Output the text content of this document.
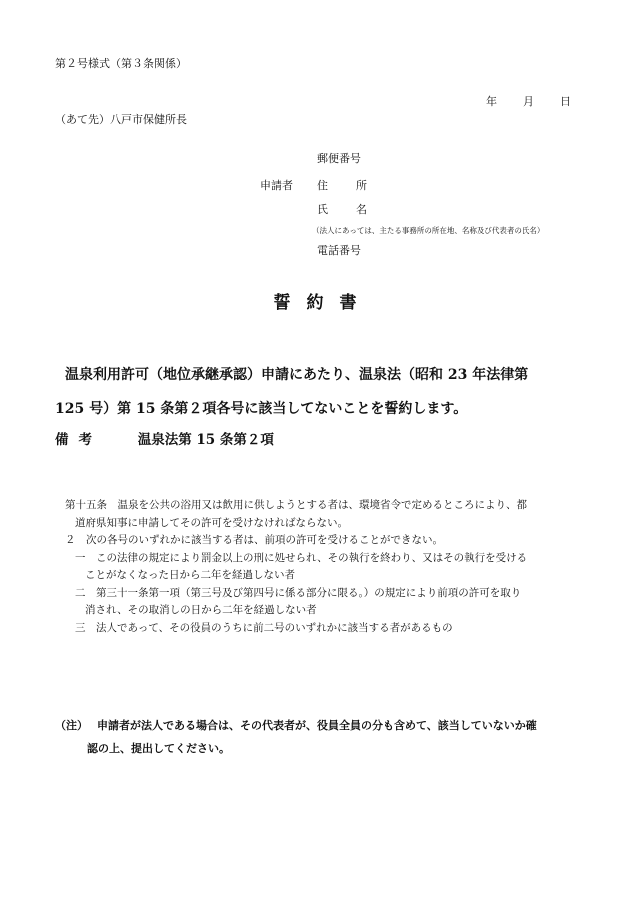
第２号様式（第３条関係）
年 月 日
（あて先）八戸市保健所長
郵便番号
申請者 住	所
氏	名
（法人にあっては、主たる事務所の所在地、名称及び代表者の氏名）
電話番号
誓約書
温泉利用許可（地位承継承認）申請にあたり、温泉法（昭和 23 年法律第
125 号）第 15 条第２項各号に該当してないことを誓約します。
備考	温泉法第 15 条第２項
第十五条　温泉を公共の浴用又は飲用に供しようとする者は、環境省令で定めるところにより、都
道府県知事に申請してその許可を受けなければならない。
２　次の各号のいずれかに該当する者は、前項の許可を受けることができない。
一　この法律の規定により罰金以上の刑に処せられ、その執行を終わり、又はその執行を受ける
ことがなくなった日から二年を経過しない者
二　第三十一条第一項（第三号及び第四号に係る部分に限る。）の規定により前項の許可を取り
消され、その取消しの日から二年を経過しない者
三　法人であって、その役員のうちに前二号のいずれかに該当する者があるもの
（注） 申請者が法人である場合は、その代表者が、役員全員の分も含めて、該当していないか確
認の上、提出してください。
